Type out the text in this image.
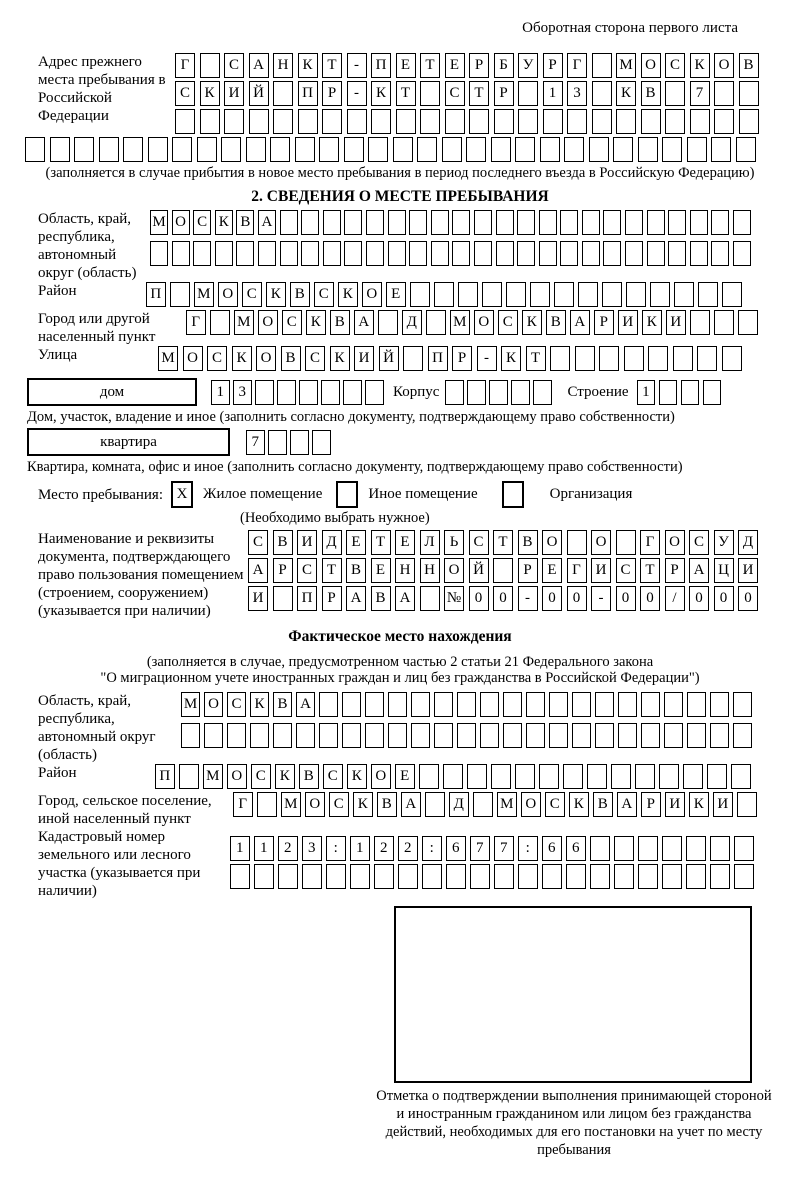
Оборотная сторона первого листа
Адрес прежнего места пребывания в Российской Федерации
Г	С А Н К Т	-	П Е	Т	Е	Р	Б У	Р	Г	М О С К О В
С К И Й	П Р	-	К Т	С Т	Р	1	3	К В	7
(заполняется в случае прибытия в новое место пребывания в период последнего въезда в Российскую Федерацию)
2. СВЕДЕНИЯ О МЕСТЕ ПРЕБЫВАНИЯ
Область, край, республика, автономный округ (область)
М О С К В А
Район	П М О С К В С К О Е
Город или другой населенный пункт
Г	М О С К В А	Д	М О С К В А Р И К И
Улица	М О С К О В С К И Й	П Р	-	К Т
дом	1 3	Корпус	Строение 1
Дом, участок, владение и иное (заполнить согласно документу, подтверждающему право собственности)
квартира	7
Квартира, комната, офис и иное (заполнить согласно документу, подтверждающему право собственности)
Место пребывания: X	Жилое помещение	Иное помещение	Организация
(Необходимо выбрать нужное)
Наименование и реквизиты документа, подтверждающего право пользования помещением (строением, сооружением) (указывается при наличии)
С В И Д Е	Т	Е Л	Ь	С Т В О	О	Г О С У Д
А Р	С Т В Е Н Н О Й	Р	Е	Г И С Т	Р А Ц И
И	П Р А В А	№ 0	0	-	0	0	-	0	0	/	0	0	0
Фактическое место нахождения
(заполняется в случае, предусмотренном частью 2 статьи 21 Федерального закона
"О миграционном учете иностранных граждан и лиц без гражданства в Российской Федерации")
Область, край, республика, автономный округ (область)
М О С К В А
Район	П М О С К В С К О Е
Город, сельское поселение, иной населенный пункт
Г	М О С К В А	Д	М О С К В А Р И К И
Кадастровый номер земельного или лесного участка (указывается при наличии)
1	1	2	3	:	1	2	2	:	6	7	7	:	6	6
Отметка о подтверждении выполнения принимающей стороной и иностранным гражданином или лицом без гражданства действий, необходимых для его постановки на учет по месту пребывания
